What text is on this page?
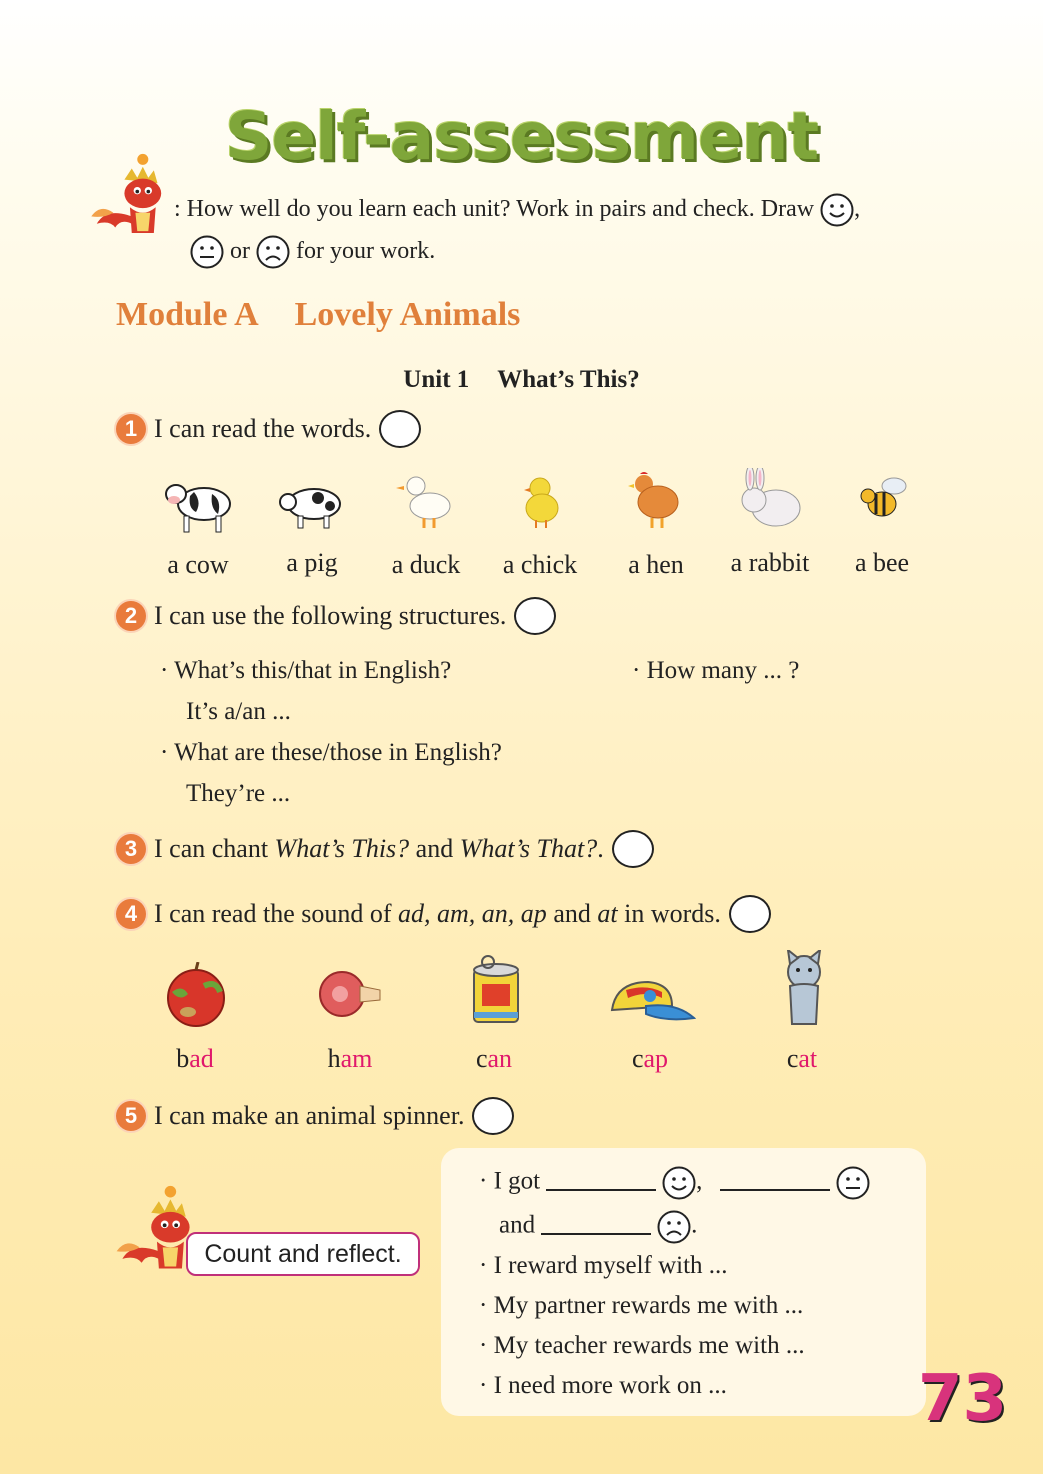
Self-assessment
: How well do you learn each unit? Work in pairs and check. Draw ,
or for your work.
Module A Lovely Animals
Unit 1 What’s This?
1 I can read the words.
a cow	a pig	a duck	a chick	a hen	a rabbit	a bee
2 I can use the following structures.
· What’s this/that in English?
It’s a/an ...
· What are these/those in English?
They’re ...
· How many ... ?
3 I can chant What’s This? and What’s That? .
4 I can read the sound of ad, am, an, ap and at in words.
bad	ham	can	cap	cat
5 I can make an animal spinner.
Count and reflect.
· I got	,
and	.
· I reward myself with ...
· My partner rewards me with ...
· My teacher rewards me with ...
· I need more work on ...	73
